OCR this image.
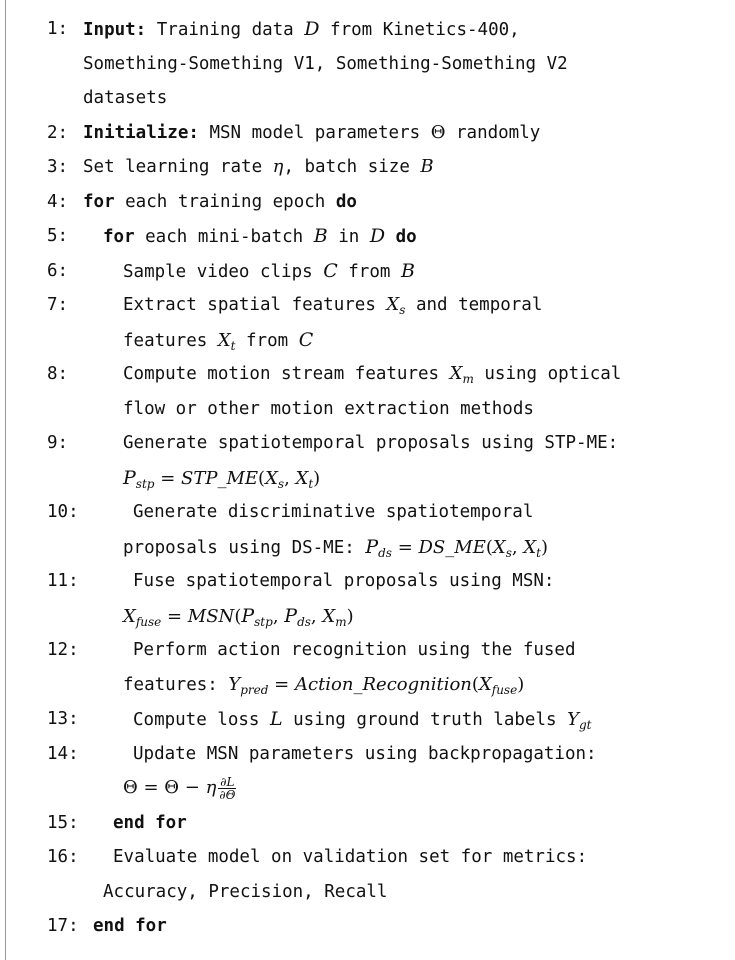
1: Input: Training data D from Kinetics-400,
Something-Something V1, Something-Something V2
datasets
2: Initialize: MSN model parameters Θ randomly
3: Set learning rate η, batch size B
4: for each training epoch do
5: for each mini-batch B in D do
6:	Sample video clips C from B
7:	Extract spatial features $X_s$ and temporal
features $X_t$ from C
8:	Compute motion stream features $X_m$ using optical
flow or other motion extraction methods
9:	Generate spatiotemporal proposals using STP-ME:
$P_{stp}$ = $STP\_ME(X_s$, $X_t$)
10:	Generate discriminative spatiotemporal
proposals using DS-ME: $P_{ds}$ = $DS\_ME(X_s$, $X_t$)
11:	Fuse spatiotemporal proposals using MSN:
$X_{fuse} = MSN(P_{stp}$, $P_{ds}$, $X_m$)
12:	Perform action recognition using the fused
features: $Y_{pred}$ = $Action\_Recognition(X_{fuse})$
13:	Compute loss L using ground truth labels $Y_{gt}$
14:	Update MSN parameters using backpropagation:
Θ = Θ − η $\frac{\partial L}{\partial\Theta}$
15: end for
16: Evaluate model on validation set for metrics:
Accuracy, Precision, Recall
17: end for
